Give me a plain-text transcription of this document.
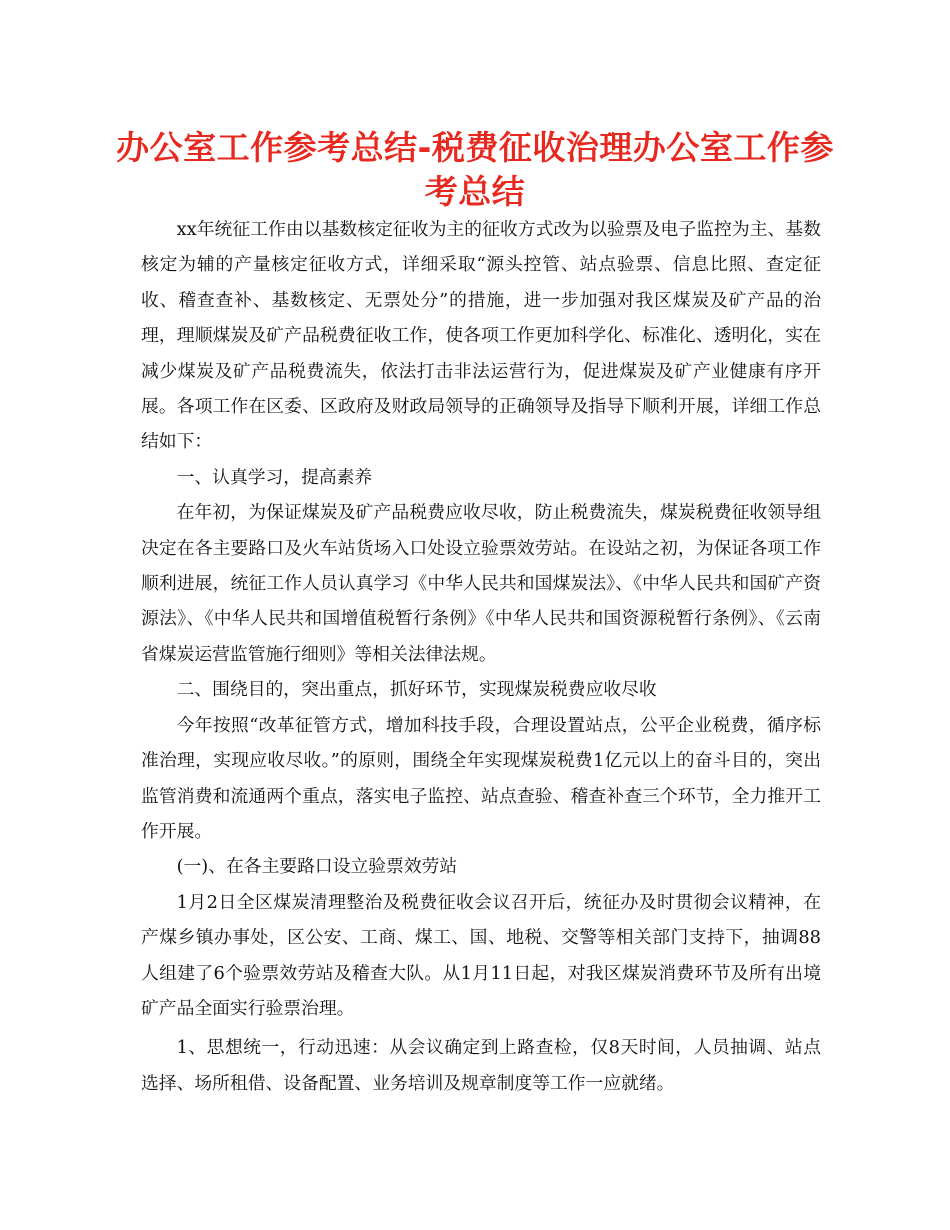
办公室工作参考总结-税费征收治理办公室工作参
考总结

xx年统征工作由以基数核定征收为主的征收方式改为以验票及电子监控为主、基数核定为辅的产量核定征收方式，详细采取“源头控管、站点验票、信息比照、查定征收、稽查查补、基数核定、无票处分”的措施，进一步加强对我区煤炭及矿产品的治理，理顺煤炭及矿产品税费征收工作，使各项工作更加科学化、标准化、透明化，实在减少煤炭及矿产品税费流失，依法打击非法运营行为，促进煤炭及矿产业健康有序开展。各项工作在区委、区政府及财政局领导的正确领导及指导下顺利开展，详细工作总结如下：

一、认真学习，提高素养

在年初，为保证煤炭及矿产品税费应收尽收，防止税费流失，煤炭税费征收领导组决定在各主要路口及火车站货场入口处设立验票效劳站。在设站之初，为保证各项工作顺利进展，统征工作人员认真学习《中华人民共和国煤炭法》、《中华人民共和国矿产资源法》、《中华人民共和国增值税暂行条例》《中华人民共和国资源税暂行条例》、《云南省煤炭运营监管施行细则》等相关法律法规。

二、围绕目的，突出重点，抓好环节，实现煤炭税费应收尽收

今年按照“改革征管方式，增加科技手段，合理设置站点，公平企业税费，循序标准治理，实现应收尽收。”的原则，围绕全年实现煤炭税费1亿元以上的奋斗目的，突出监管消费和流通两个重点，落实电子监控、站点查验、稽查补查三个环节，全力推开工作开展。

(一)、在各主要路口设立验票效劳站

1月2日全区煤炭清理整治及税费征收会议召开后，统征办及时贯彻会议精神，在产煤乡镇办事处，区公安、工商、煤工、国、地税、交警等相关部门支持下，抽调88人组建了6个验票效劳站及稽查大队。从1月11日起，对我区煤炭消费环节及所有出境矿产品全面实行验票治理。

1、思想统一，行动迅速：从会议确定到上路查检，仅8天时间，人员抽调、站点选择、场所租借、设备配置、业务培训及规章制度等工作一应就绪。
